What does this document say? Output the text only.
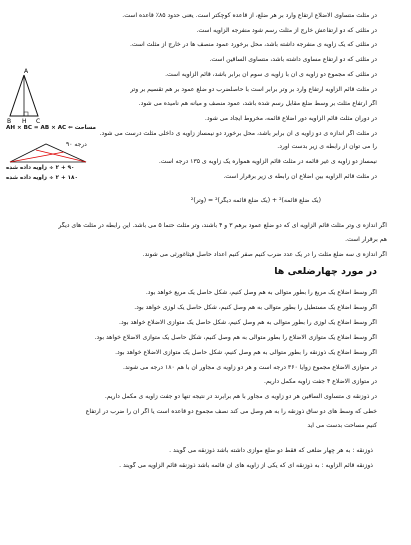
• در مثلث متساوی الاضلاع ارتفاع وارد بر هر ضلع، از قاعده کوچکتر است. یعنی حدود ۸۵٪ قاعده است.
• در مثلثی که دو ارتفاعش خارج از مثلث رسم شود منفرجه الزاویه است.
• در مثلثی که یک زاویه ی منفرجه داشته باشد، محل برخورد عمود منصف ها در خارج از مثلث است.
• در مثلثی که دو ارتفاع مساوی داشته باشد، متساوی الساقین است.
• در مثلثی که مجموع دو زاویه ی آن با زاویه ی سوم آن برابر باشد، قائم الزاویه است.
• در مثلث قائم الزاویه ارتفاع وارد بر وتر برابر است با حاصلضرب دو ضلع عمود بر هم تقسیم بر وتر
• اگر ارتفاع مثلث بر وسط ضلع مقابل رسم شده باشد، عمود منصف و میانه هم نامیده می شود.
• در دوران مثلث قائم الزاویه دور اضلاع قائمه، مخروط ایجاد می شود.
• در مثلث اگر اندازه ی دو زاویه ی آن برابر باشد، محل برخورد دو نیمساز زاویه ی داخلی مثلث درست می شود.
را می توان از رابطه ی زیر بدست آورد.
• نیمساز دو زاویه ی غیر قائمه در مثلث قائم الزاویه همواره یک زاویه ی ۱۳۵ درجه است.
• در مثلث قائم الزاویه بین اضلاع آن رابطه ی زیر برقرار است.
(یک ضلع قائمه)² + (یک ضلع قائمه دیگر)² = (وتر)²
اگر اندازه ی وتر مثلث قائم الزاویه ای که دو ضلع عمود برهم ۳ و ۴ باشند، وتر مثلث حتما ۵ می باشد. این رابطه در مثلث های دیگر
هم برقرار است.
اگر اندازه ی سه ضلع مثلث را در یک عدد ضرب کنیم صفر کنیم اعداد حاصل فیثاغورثی می شوند.
در مورد چهارضلعی ها
• اگر وسط اضلاع یک مربع را بطور متوالی به هم وصل کنیم، شکل حاصل یک مربع خواهد بود.
• اگر وسط اضلاع یک مستطیل را بطور متوالی به هم وصل کنیم، شکل حاصل یک لوزی خواهد بود.
• اگر وسط اضلاع یک لوزی را بطور متوالی به هم وصل کنیم، شکل حاصل یک متوازی الاضلاع خواهد بود.
• اگر وسط اضلاع یک متوازی الاضلاع را بطور متوالی به هم وصل کنیم، شکل حاصل یک متوازی الاضلاع خواهد بود.
• اگر وسط اضلاع یک ذوزنقه را بطور متوالی به هم وصل کنیم، شکل حاصل یک متوازی الاضلاع خواهد بود.
• در متوازی الاضلاع مجموع زوایا ۳۶۰ درجه است و هر دو زاویه ی مجاور آن با هم ۱۸۰ درجه می شوند.
• در متوازی الاضلاع ۴ جفت زاویه مکمل داریم.
• در ذوزنقه ی متساوی الساقین هر دو زاویه ی مجاور با هم برابرند در نتیجه تنها دو جفت زاویه ی مکمل داریم.
• خطی که وسط های دو ساق ذوزنقه را به هم وصل می کند نصف مجموع دو قاعده است یا اگر آن را ضرب در ارتفاع
کنیم مساحت بدست می آید
• ذوزنقه : به هر چهار ضلعی که فقط دو ضلع موازی داشته باشد ذوزنقه می گویند .
• ذوزنقه قائم الزاویه : به ذوزنقه ای که یکی از زاویه های آن قائمه باشد ذوزنقه قائم الزاویه می گویند .
A
B H C
AH × BC = AB × AC ⇐ مساحت
۹۰ درجه
۹۰ + ۲ ÷ زاویه داده شده
۱۸۰ + ۲ ÷ زاویه داده شده
